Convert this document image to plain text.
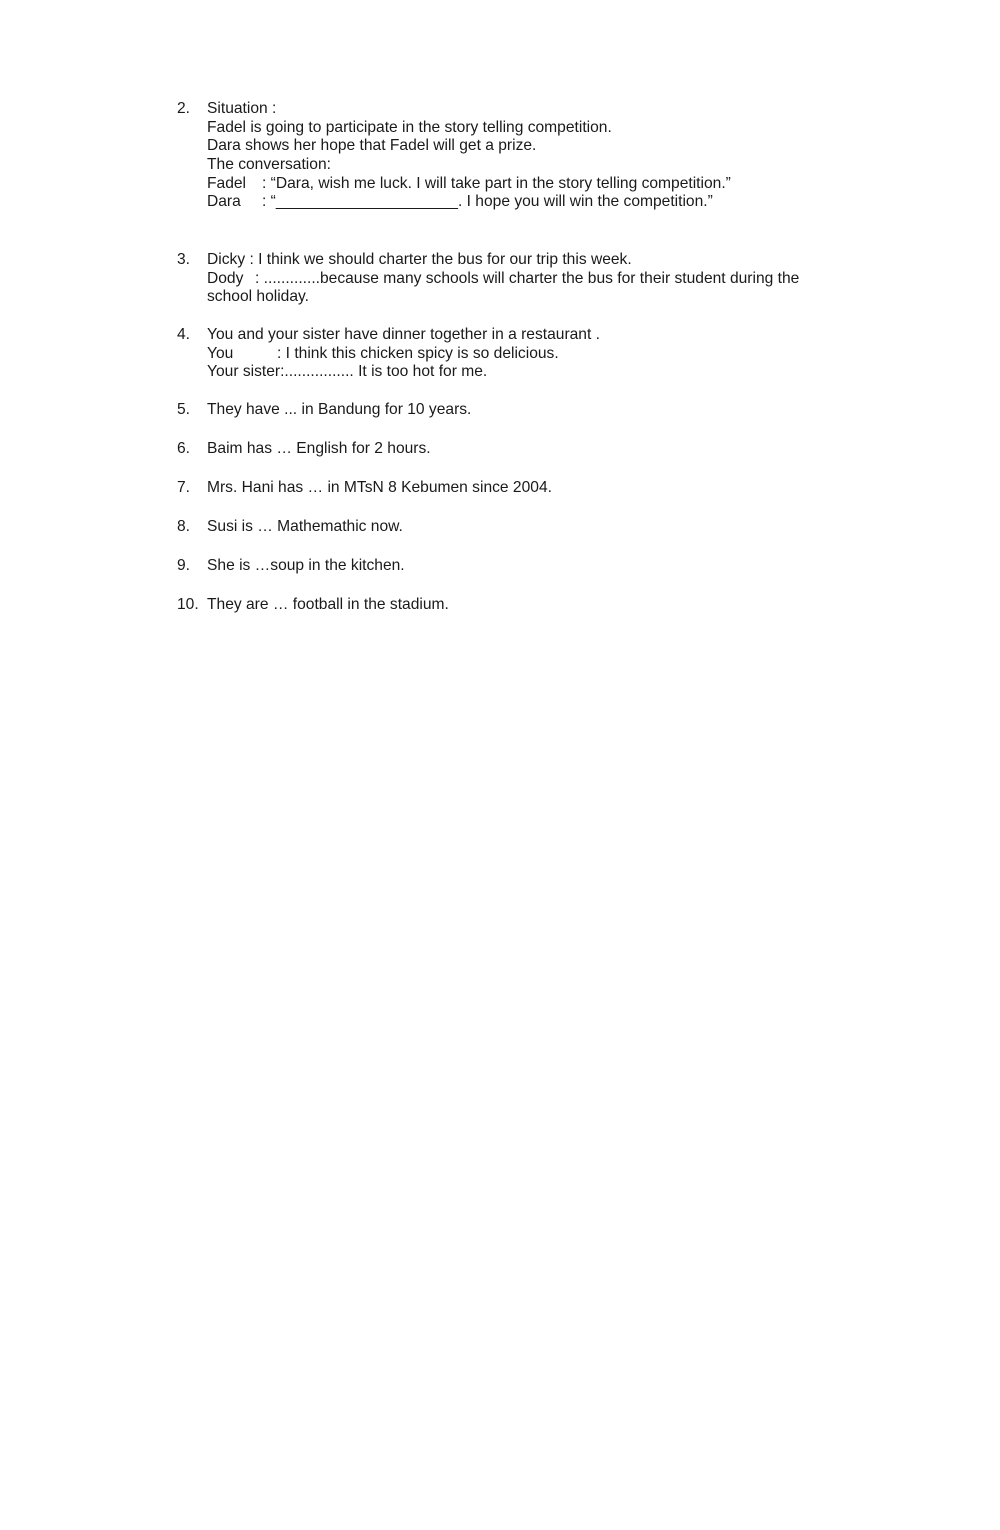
2. Situation :
Fadel is going to participate in the story telling competition.
Dara shows her hope that Fadel will get a prize.
The conversation:
Fadel : “Dara, wish me luck. I will take part in the story telling competition.”
Dara : “_____________________. I hope you will win the competition.”
3. Dicky : I think we should charter the bus for our trip this week.
Dody : .............because many schools will charter the bus for their student during the school holiday.
4. You and your sister have dinner together in a restaurant .
You	: I think this chicken spicy is so delicious.
Your sister:................ It is too hot for me.
5. They have ... in Bandung for 10 years.
6. Baim has … English for 2 hours.
7. Mrs. Hani has … in MTsN 8 Kebumen since 2004.
8. Susi is … Mathemathic now.
9. She is …soup in the kitchen.
10. They are … football in the stadium.
